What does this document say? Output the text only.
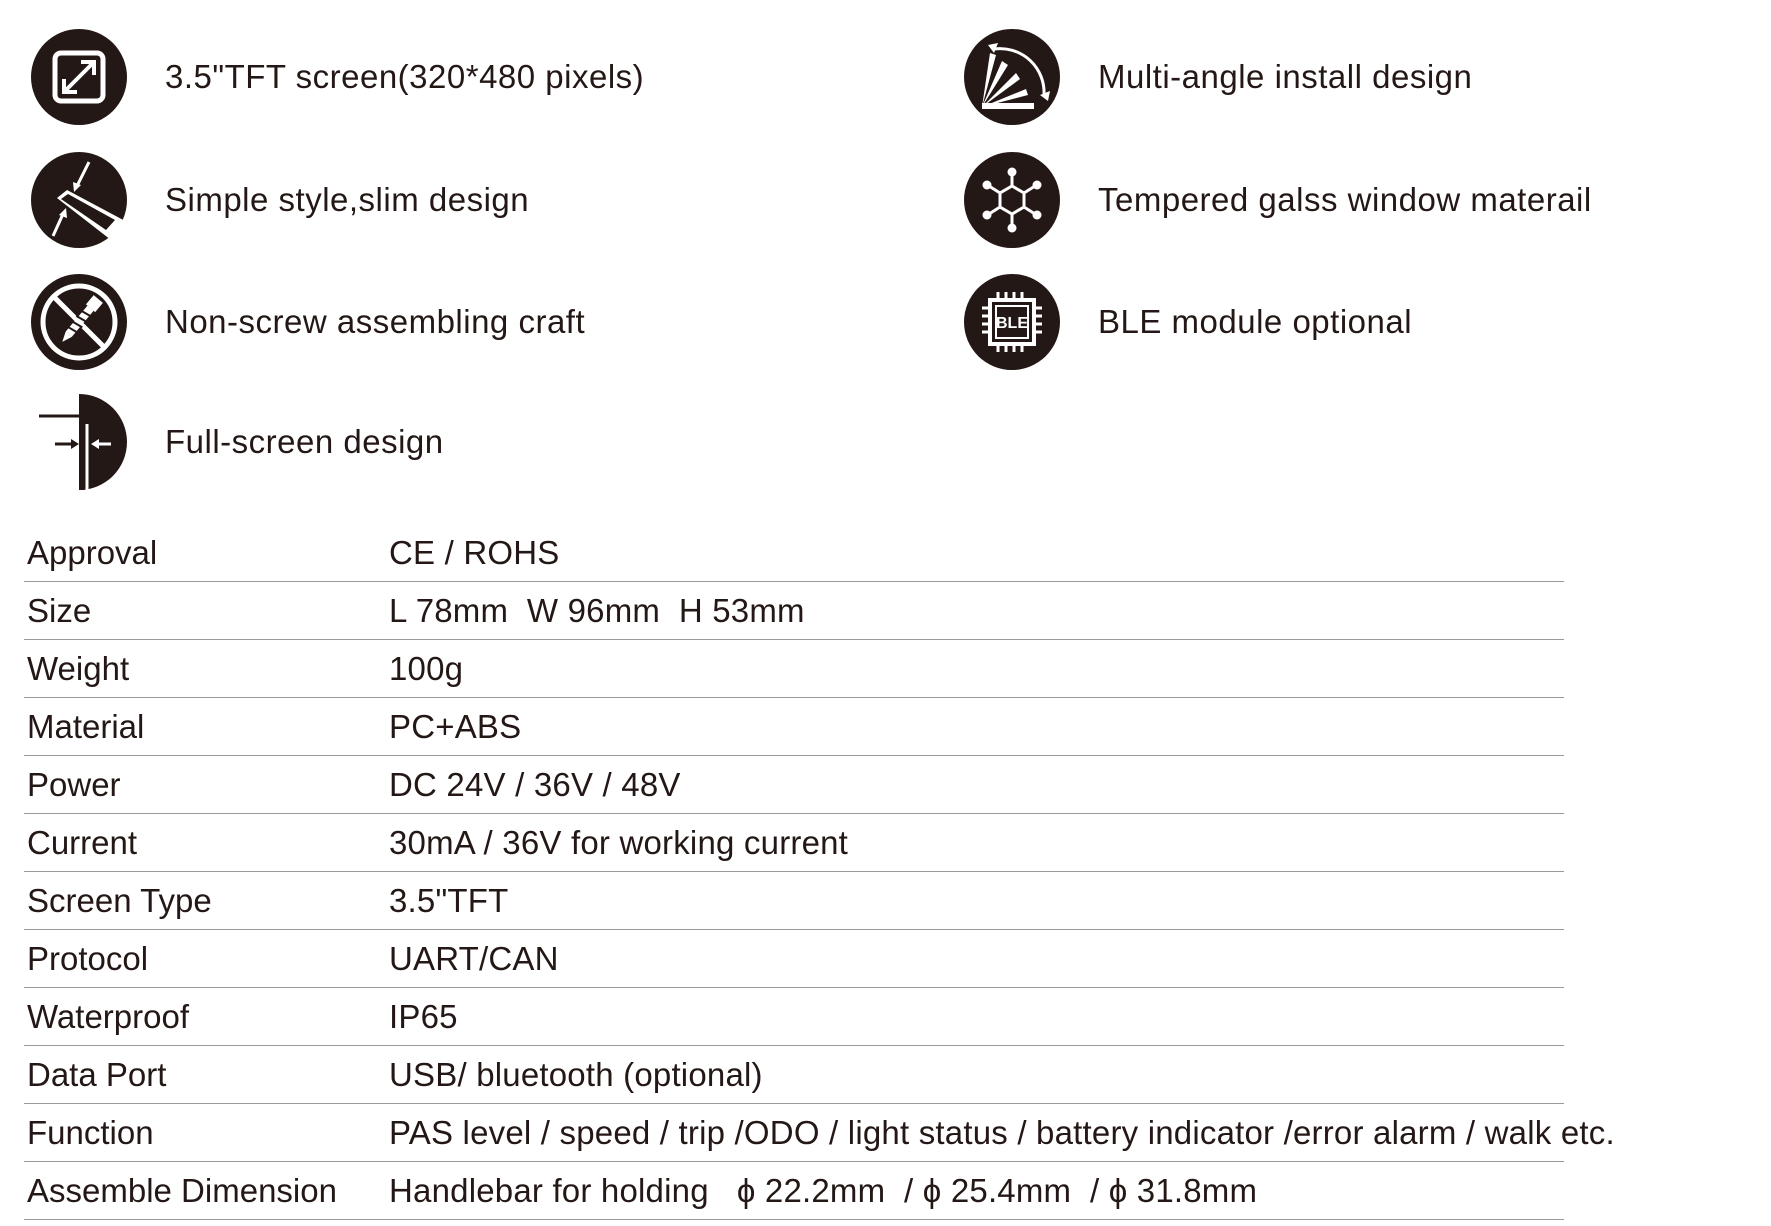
3.5"TFT screen(320*480 pixels)
Simple style,slim design
Non-screw assembling craft
Full-screen design
Multi-angle install design
Tempered galss window materail
BLE BLE module optional
Approval	CE / ROHS
Size	L 78mm  W 96mm  H 53mm
Weight	100g
Material	PC+ABS
Power	DC 24V / 36V / 48V
Current	30mA / 36V for working current
Screen Type	3.5"TFT
Protocol	UART/CAN
Waterproof	IP65
Data Port	USB/ bluetooth (optional)
Function	PAS level / speed / trip /ODO / light status / battery indicator /error alarm / walk etc.
Assemble Dimension	Handlebar for holding   ϕ 22.2mm  / ϕ 25.4mm  / ϕ 31.8mm
